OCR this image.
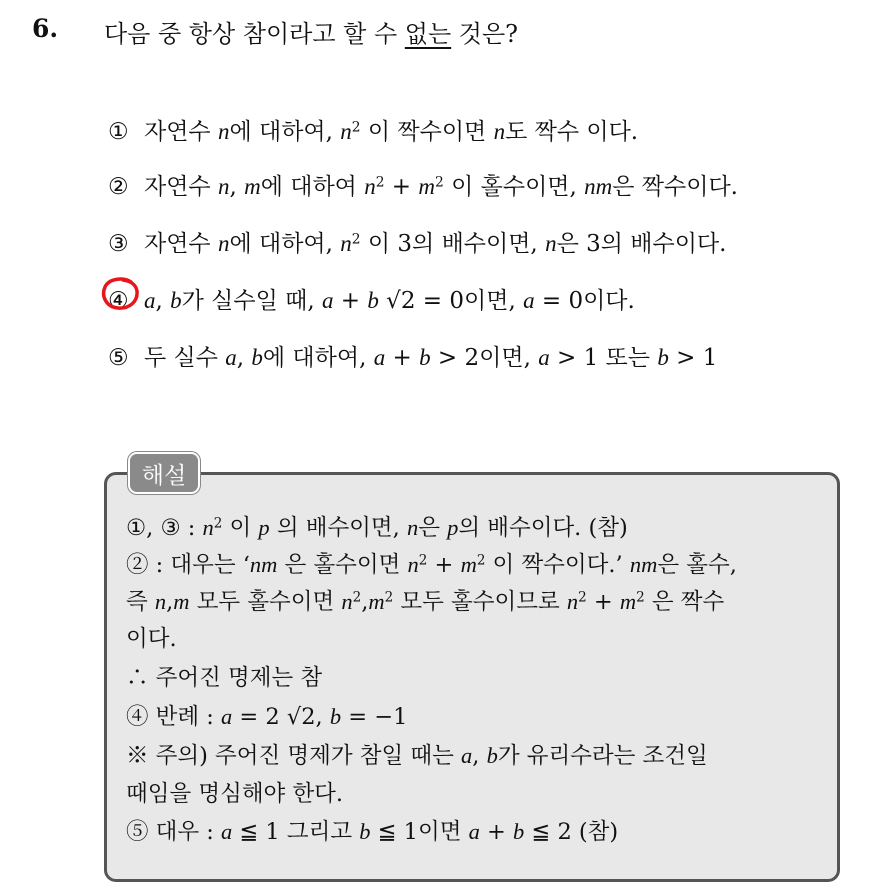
6. 다음 중 항상 참이라고 할 수 없는 것은?
① 자연수 n에 대하여, $n^2$ 이 짝수이면 n도 짝수 이다.
② 자연수 n, m에 대하여 $n^2 + m^2$ 이 홀수이면, nm은 짝수이다.
③ 자연수 n에 대하여, $n^2$ 이 3의 배수이면, n은 3의 배수이다.
④ a, b가 실수일 때, a + b √2 = 0이면, a = 0이다.
⑤ 두 실수 a, b에 대하여, a + b > 2이면, a > 1 또는 b > 1
해설
①, ③ : $n^2$ 이 p 의 배수이면, n은 p의 배수이다. (참)
② : 대우는 ‘nm 은 홀수이면 $n^2 + m^2$ 이 짝수이다.’ nm은 홀수,
즉 n,m 모두 홀수이면 $n^2,m^2$ 모두 홀수이므로 $n^2 + m^2$ 은 짝수
이다.
∴ 주어진 명제는 참
④ 반례 : a = 2 √2, b = −1
※ 주의) 주어진 명제가 참일 때는 a, b가 유리수라는 조건일
때임을 명심해야 한다.
⑤ 대우 : a ≦ 1 그리고 b ≦ 1이면 a + b ≦ 2 (참)
